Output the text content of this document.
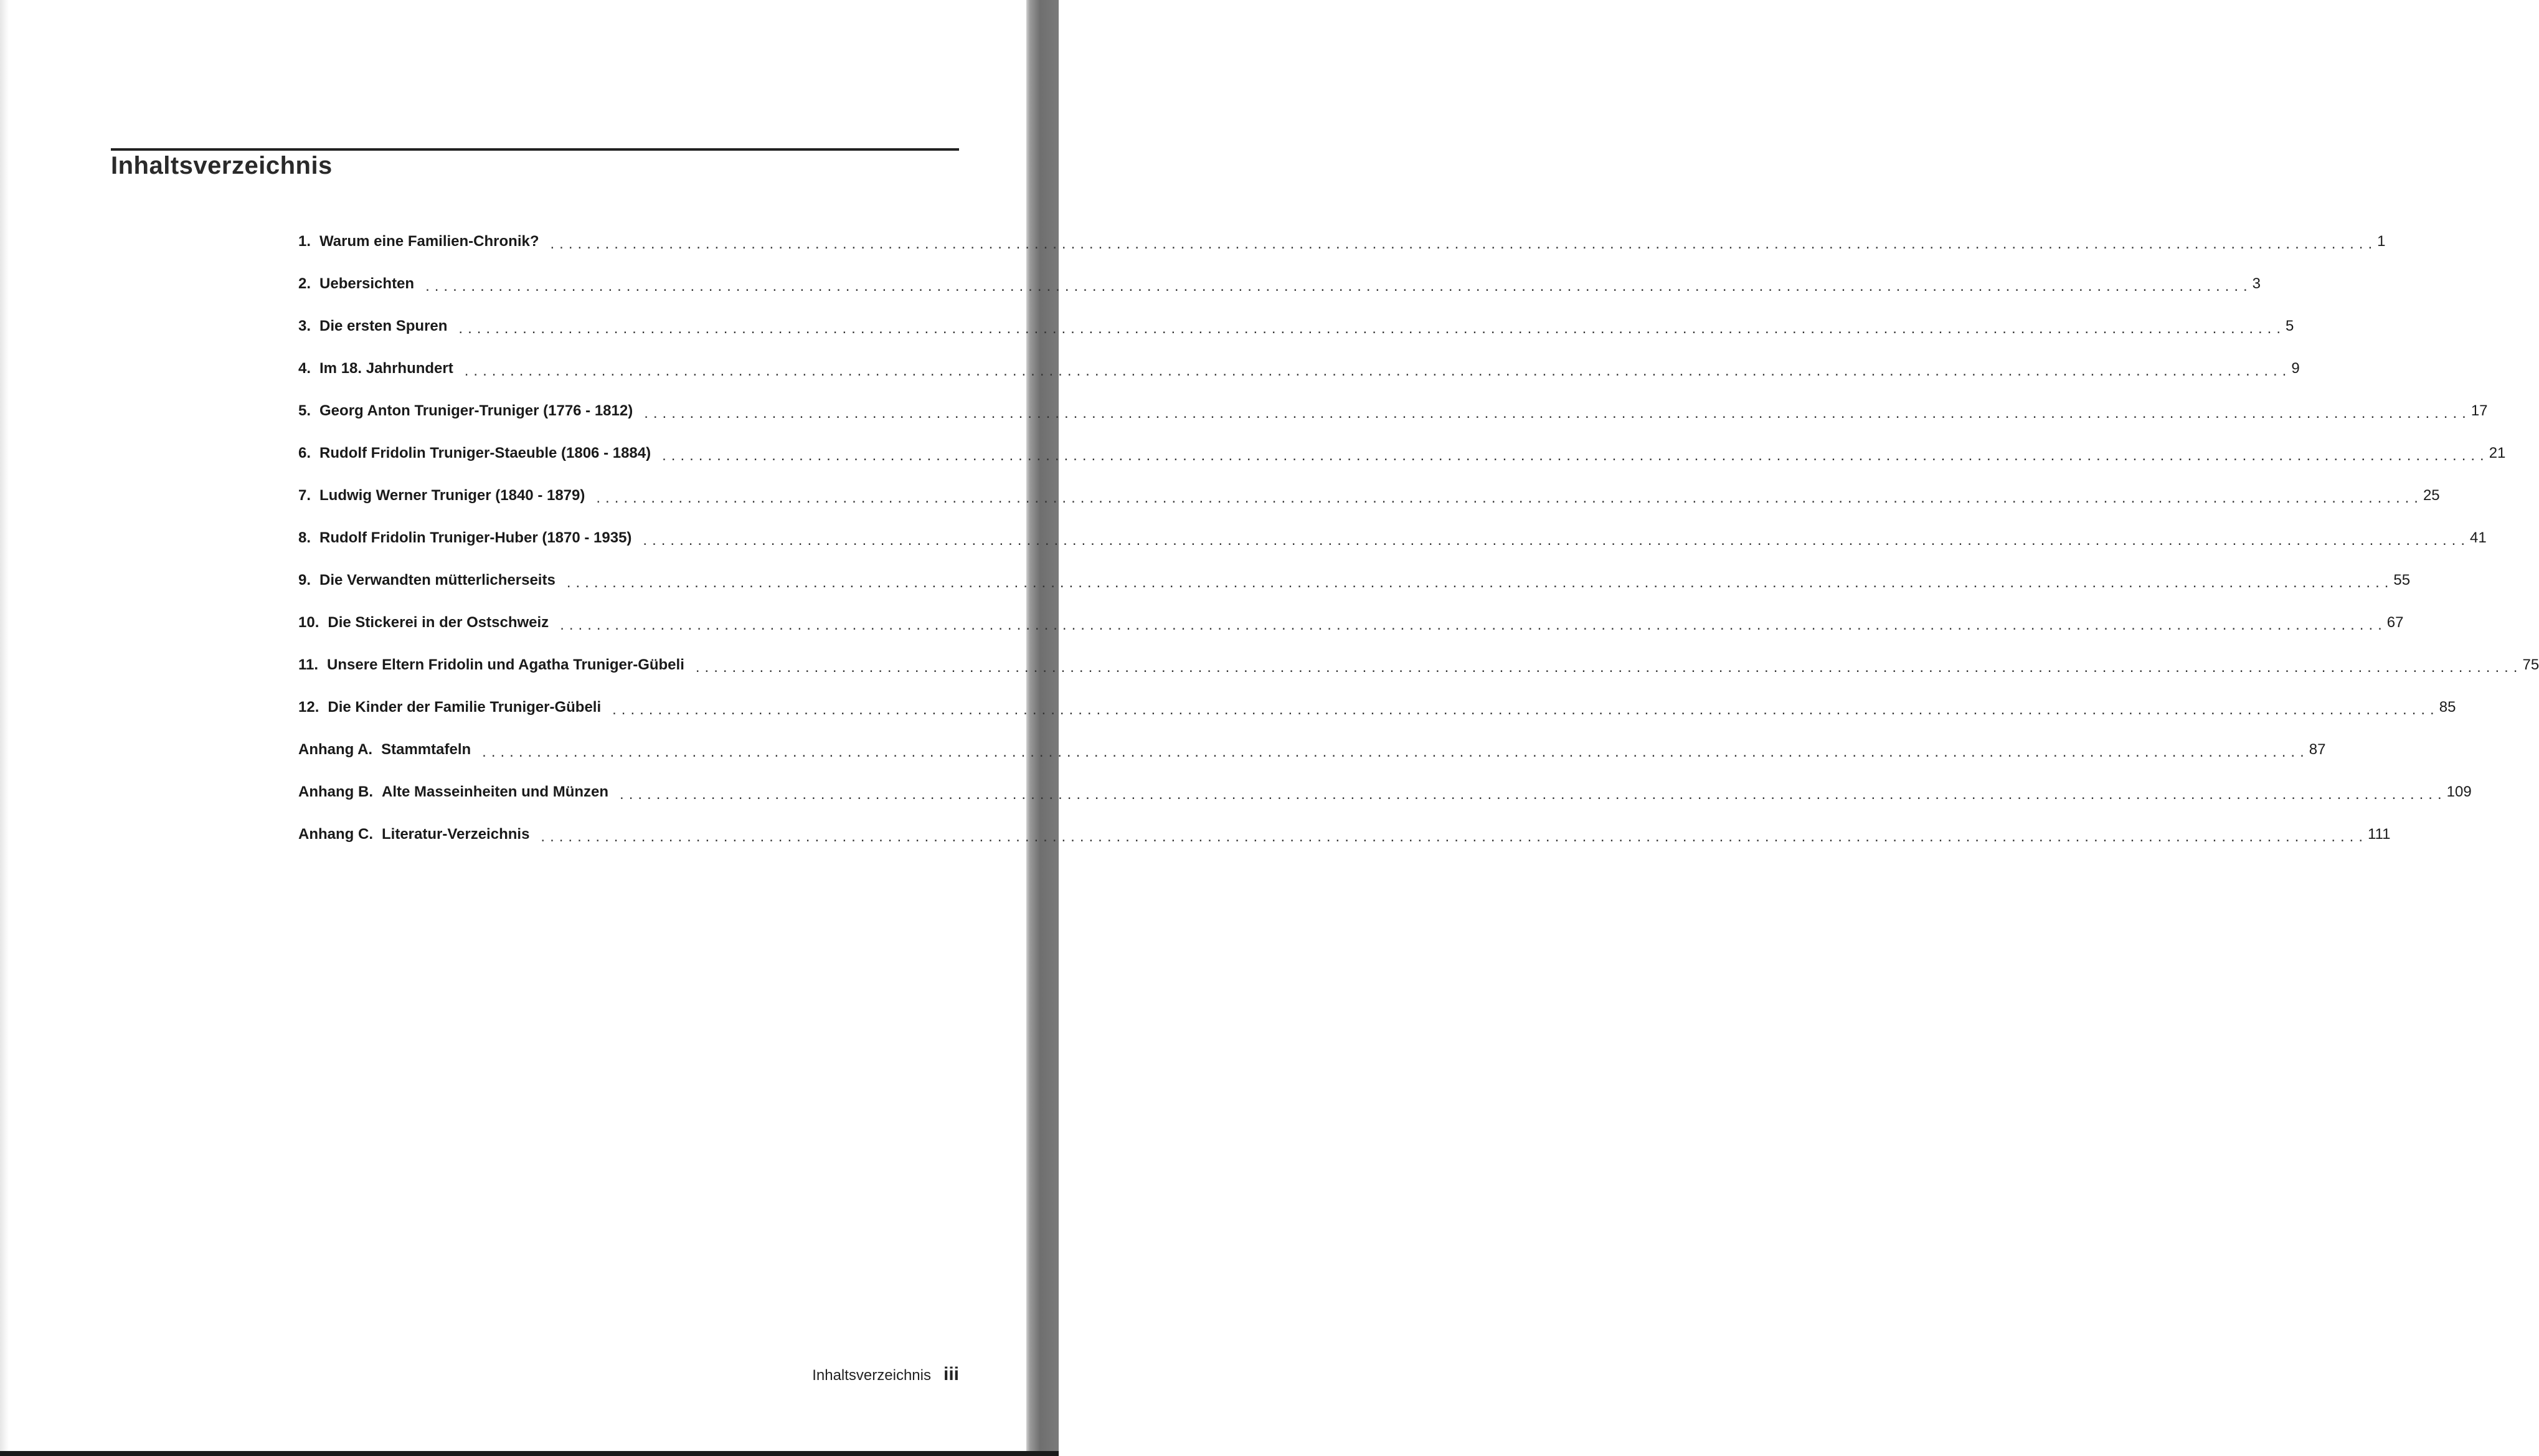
Inhaltsverzeichnis
1. Warum eine Familien-Chronik? ........................................................................................................................................................................................................ 1
2. Uebersichten ........................................................................................................................................................................................................ 3
3. Die ersten Spuren ........................................................................................................................................................................................................ 5
4. Im 18. Jahrhundert ........................................................................................................................................................................................................ 9
5. Georg Anton Truniger-Truniger (1776 - 1812) ........................................................................................................................................................................................................ 17
6. Rudolf Fridolin Truniger-Staeuble (1806 - 1884) ........................................................................................................................................................................................................ 21
7. Ludwig Werner Truniger (1840 - 1879) ........................................................................................................................................................................................................ 25
8. Rudolf Fridolin Truniger-Huber (1870 - 1935) ........................................................................................................................................................................................................ 41
9. Die Verwandten mütterlicherseits ........................................................................................................................................................................................................ 55
10. Die Stickerei in der Ostschweiz ........................................................................................................................................................................................................ 67
11. Unsere Eltern Fridolin und Agatha Truniger-Gübeli ........................................................................................................................................................................................................ 75
12. Die Kinder der Familie Truniger-Gübeli ........................................................................................................................................................................................................ 85
Anhang A. Stammtafeln ........................................................................................................................................................................................................ 87
Anhang B. Alte Masseinheiten und Münzen ........................................................................................................................................................................................................ 109
Anhang C. Literatur-Verzeichnis ........................................................................................................................................................................................................ 111
Inhaltsverzeichnis iii
